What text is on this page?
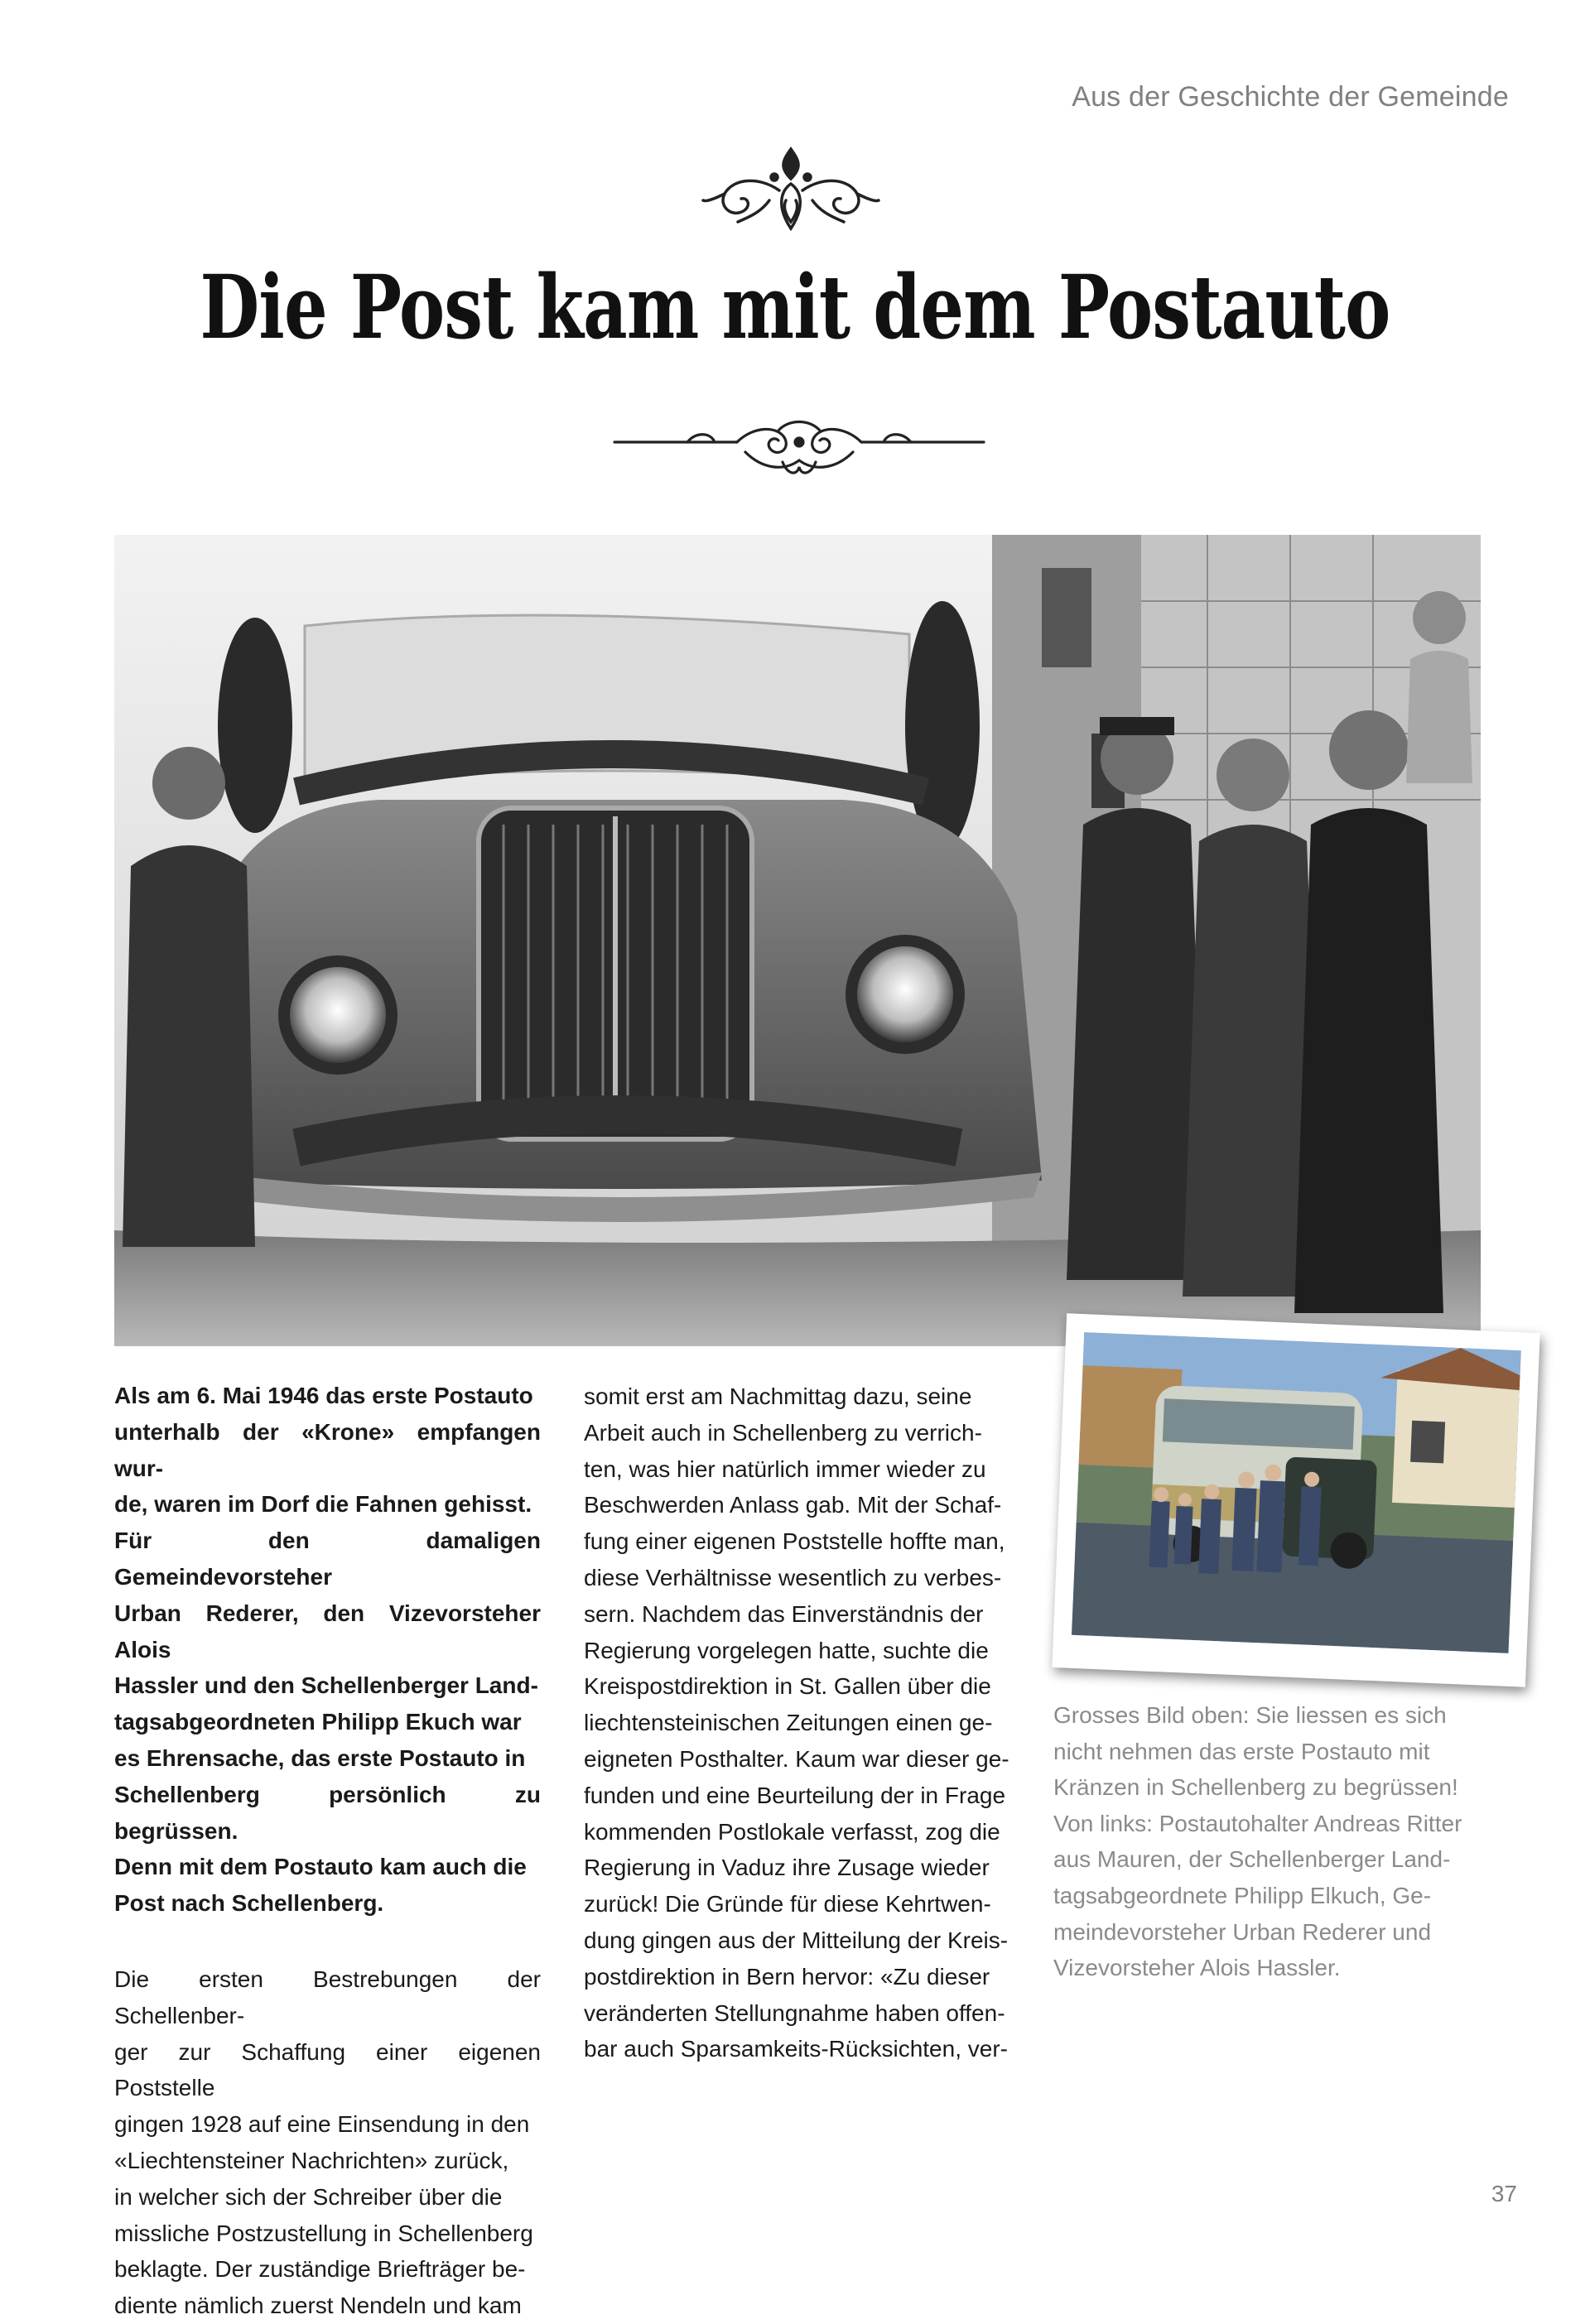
Aus der Geschichte der Gemeinde
Die Post kam mit dem Postauto

Als am 6. Mai 1946 das erste Postauto
unterhalb der «Krone» empfangen wur-
de, waren im Dorf die Fahnen gehisst.
Für den damaligen Gemeindevorsteher
Urban Rederer, den Vizevorsteher Alois
Hassler und den Schellenberger Land-
tagsabgeordneten Philipp Ekuch war
es Ehrensache, das erste Postauto in
Schellenberg persönlich zu begrüssen.
Denn mit dem Postauto kam auch die
Post nach Schellenberg.

Die ersten Bestrebungen der Schellenber-
ger zur Schaffung einer eigenen Poststelle
gingen 1928 auf eine Einsendung in den
«Liechtensteiner Nachrichten» zurück,
in welcher sich der Schreiber über die
missliche Postzustellung in Schellenberg
beklagte. Der zuständige Briefträger be-
diente nämlich zuerst Nendeln und kam

somit erst am Nachmittag dazu, seine
Arbeit auch in Schellenberg zu verrich-
ten, was hier natürlich immer wieder zu
Beschwerden Anlass gab. Mit der Schaf-
fung einer eigenen Poststelle hoffte man,
diese Verhältnisse wesentlich zu verbes-
sern. Nachdem das Einverständnis der
Regierung vorgelegen hatte, suchte die
Kreispostdirektion in St. Gallen über die
liechtensteinischen Zeitungen einen ge-
eigneten Posthalter. Kaum war dieser ge-
funden und eine Beurteilung der in Frage
kommenden Postlokale verfasst, zog die
Regierung in Vaduz ihre Zusage wieder
zurück! Die Gründe für diese Kehrtwen-
dung gingen aus der Mitteilung der Kreis-
postdirektion in Bern hervor: «Zu dieser
veränderten Stellungnahme haben offen-
bar auch Sparsamkeits-Rücksichten, ver-

Grosses Bild oben: Sie liessen es sich
nicht nehmen das erste Postauto mit
Kränzen in Schellenberg zu begrüssen!
Von links: Postautohalter Andreas Ritter
aus Mauren, der Schellenberger Land-
tagsabgeordnete Philipp Elkuch, Ge-
meindevorsteher Urban Rederer und
Vizevorsteher Alois Hassler.
37
